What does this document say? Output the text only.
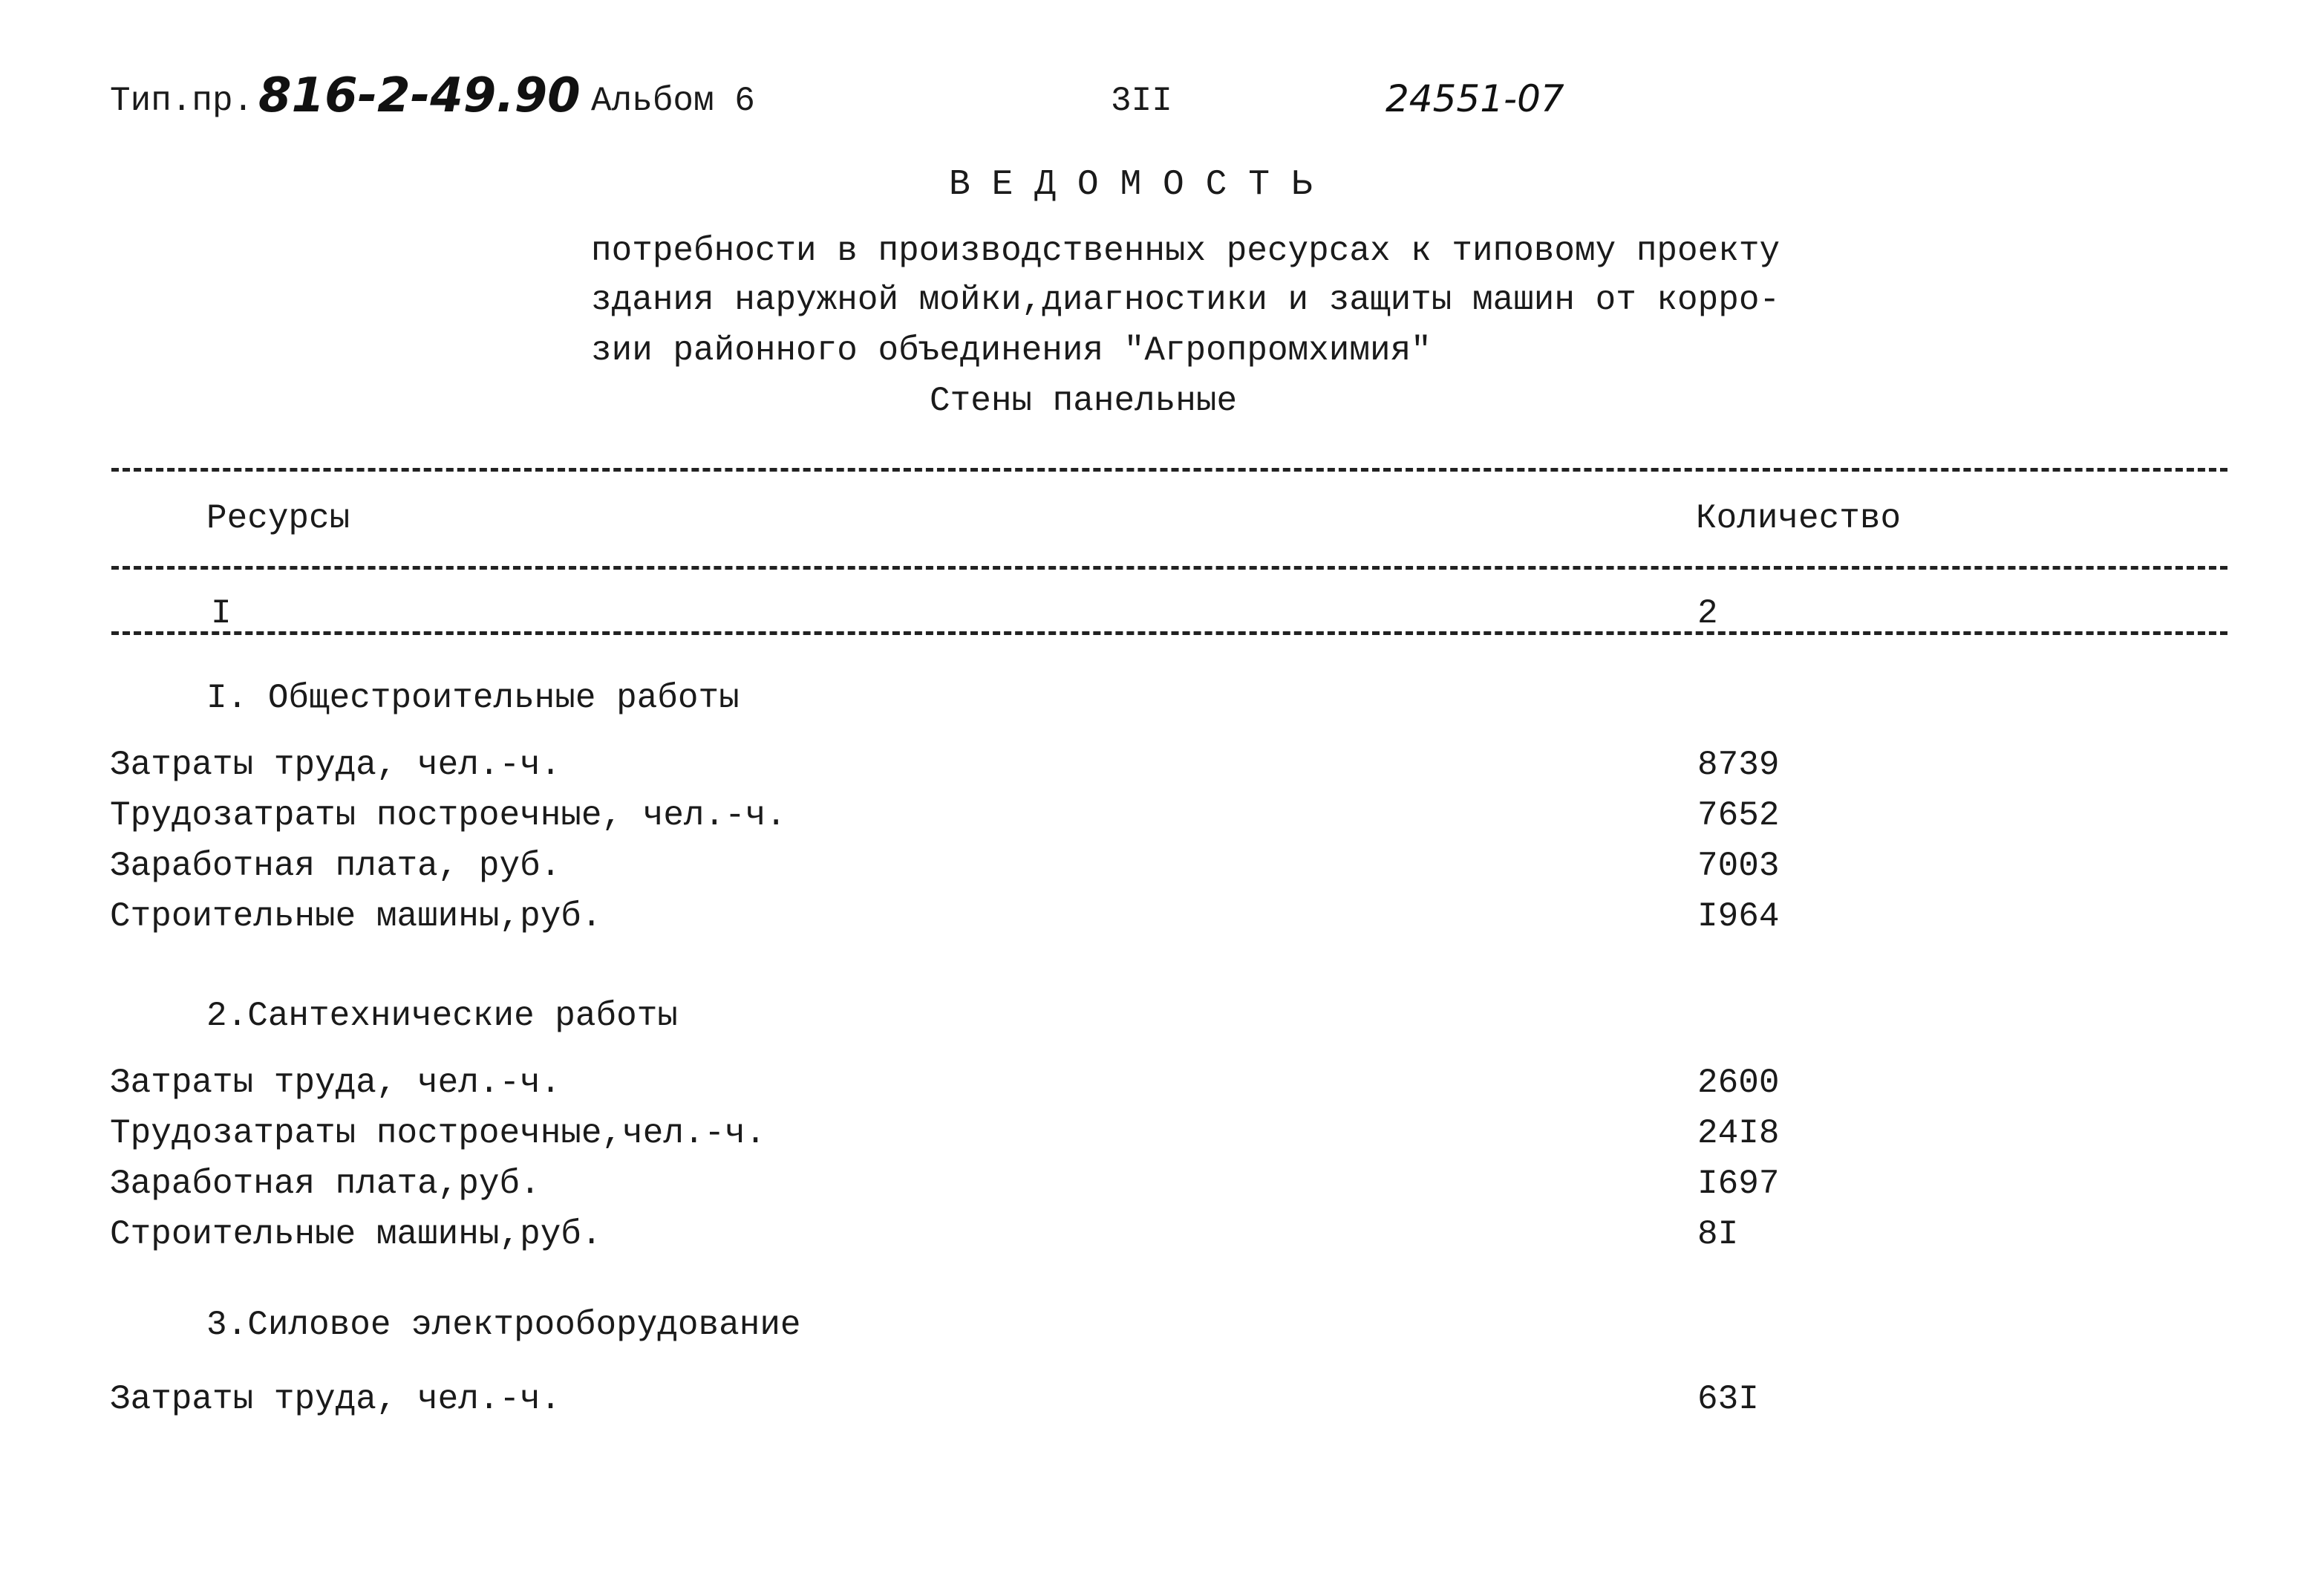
Тип.пр. 816-2-49.90 Альбом 6	3II	24551-07
В Е Д О М О С Т Ь
потребности в производственных ресурсах к типовому проекту
здания наружной мойки,диагностики и защиты машин от корро-
зии районного объединения "Агропромхимия"
Стены панельные
Ресурсы	Количество
I	2
I. Общестроительные работы
Затраты труда, чел.-ч.	8739
Трудозатраты построечные, чел.-ч.	7652
Заработная плата, руб.	7003
Строительные машины,руб.	I964
2.Сантехнические работы
Затраты труда, чел.-ч.	2600
Трудозатраты построечные,чел.-ч.	24I8
Заработная плата,руб.	I697
Строительные машины,руб.	8I
3.Силовое электрооборудование
Затраты труда, чел.-ч.	63I
